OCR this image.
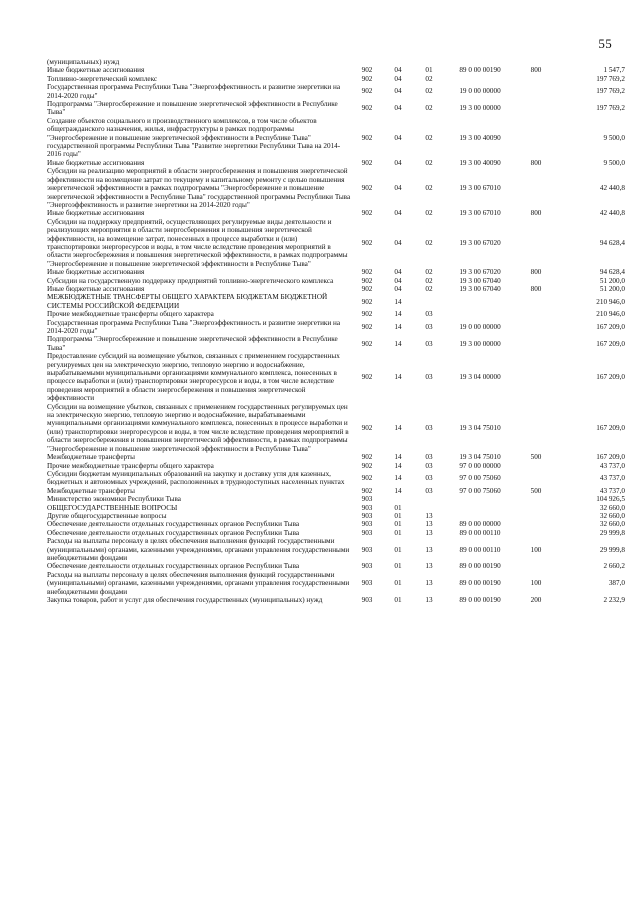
55
(муниципальных) нужд						
Иные бюджетные ассигнования	902	04	01	89 0 00 00190	800	1 547,7
Топливно-энергетический комплекс	902	04	02			197 769,2
Государственная программа Республики Тыва "Энергоэффективность и развитие энергетики на 2014-2020 годы"	902	04	02	19 0 00 00000		197 769,2
Подпрограмма "Энергосбережение и повышение энергетической эффективности в Республике Тыва"	902	04	02	19 3 00 00000		197 769,2
Создание объектов социального и производственного комплексов, в том числе объектов общегражданского назначения, жилья, инфраструктуры в рамках подпрограммы "Энергосбережение и повышение энергетической эффективности в Республике Тыва" государственной программы Республики Тыва "Развитие энергетики Республики Тыва на 2014-2016 годы"	902	04	02	19 3 00 40090		9 500,0
Иные бюджетные ассигнования	902	04	02	19 3 00 40090	800	9 500,0
Субсидии на реализацию мероприятий в области энергосбережения и повышения энергетической эффективности на возмещение затрат по текущему и капитальному ремонту с целью повышения энергетической эффективности в рамках подпрограммы "Энергосбережение и повышение энергетической эффективности в Республике Тыва" государственной программы Республики Тыва "Энергоэффективность и развитие энергетики на 2014-2020 годы"	902	04	02	19 3 00 67010		42 440,8
Иные бюджетные ассигнования	902	04	02	19 3 00 67010	800	42 440,8
Субсидии на поддержку предприятий, осуществляющих регулируемые виды деятельности и реализующих мероприятия в области энергосбережения и повышения энергетической эффективности, на возмещение затрат, понесенных в процессе выработки и (или) транспортировки энергоресурсов и воды, в том числе вследствие проведения мероприятий в области энергосбережения и повышения энергетической эффективности, в рамках подпрограммы "Энергосбережение и повышение энергетической эффективности в Республике Тыва"	902	04	02	19 3 00 67020		94 628,4
Иные бюджетные ассигнования	902	04	02	19 3 00 67020	800	94 628,4
Субсидии на государственную поддержку предприятий топливно-энергетического комплекса	902	04	02	19 3 00 67040		51 200,0
Иные бюджетные ассигнования	902	04	02	19 3 00 67040	800	51 200,0
МЕЖБЮДЖЕТНЫЕ ТРАНСФЕРТЫ ОБЩЕГО ХАРАКТЕРА БЮДЖЕТАМ БЮДЖЕТНОЙ СИСТЕМЫ РОССИЙСКОЙ ФЕДЕРАЦИИ	902	14				210 946,0
Прочие межбюджетные трансферты общего характера	902	14	03			210 946,0
Государственная программа Республики Тыва "Энергоэффективность и развитие энергетики на 2014-2020 годы"	902	14	03	19 0 00 00000		167 209,0
Подпрограмма "Энергосбережение и повышение энергетической эффективности в Республике Тыва"	902	14	03	19 3 00 00000		167 209,0
Предоставление субсидий на возмещение убытков, связанных с применением государственных регулируемых цен на электрическую энергию, тепловую энергию и водоснабжение, вырабатываемыми муниципальными организациями коммунального комплекса, понесенных в процессе выработки и (или) транспортировки энергоресурсов и воды, в том числе вследствие проведения мероприятий в области энергосбережения и повышения энергетической эффективности	902	14	03	19 3 04 00000		167 209,0
Субсидии на возмещение убытков, связанных с применением государственных регулируемых цен на электрическую энергию, тепловую энергию и водоснабжение, вырабатываемыми муниципальными организациями коммунального комплекса, понесенных в процессе выработки и (или) транспортировки энергоресурсов и воды, в том числе вследствие проведения мероприятий в области энергосбережения и повышения энергетической эффективности, в рамках подпрограммы "Энергосбережение и повышение энергетической эффективности в Республике Тыва"	902	14	03	19 3 04 75010		167 209,0
Межбюджетные трансферты	902	14	03	19 3 04 75010	500	167 209,0
Прочие межбюджетные трансферты общего характера	902	14	03	97 0 00 00000		43 737,0
Субсидии бюджетам муниципальных образований на закупку и доставку угля для казенных, бюджетных и автономных учреждений, расположенных в труднодоступных населенных пунктах	902	14	03	97 0 00 75060		43 737,0
Межбюджетные трансферты	902	14	03	97 0 00 75060	500	43 737,0
Министерство экономики Республики Тыва	903					104 926,5
ОБЩЕГОСУДАРСТВЕННЫЕ ВОПРОСЫ	903	01				32 660,0
Другие общегосударственные вопросы	903	01	13			32 660,0
Обеспечение деятельности отдельных государственных органов Республики Тыва	903	01	13	89 0 00 00000		32 660,0
Обеспечение деятельности отдельных государственных органов Республики Тыва	903	01	13	89 0 00 00110		29 999,8
Расходы на выплаты персоналу в целях обеспечения выполнения функций государственными (муниципальными) органами, казенными учреждениями, органами управления государственными внебюджетными фондами	903	01	13	89 0 00 00110	100	29 999,8
Обеспечение деятельности отдельных государственных органов Республики Тыва	903	01	13	89 0 00 00190		2 660,2
Расходы на выплаты персоналу в целях обеспечения выполнения функций государственными (муниципальными) органами, казенными учреждениями, органами управления государственными внебюджетными фондами	903	01	13	89 0 00 00190	100	387,0
Закупка товаров, работ и услуг для обеспечения государственных (муниципальных) нужд	903	01	13	89 0 00 00190	200	2 232,9
